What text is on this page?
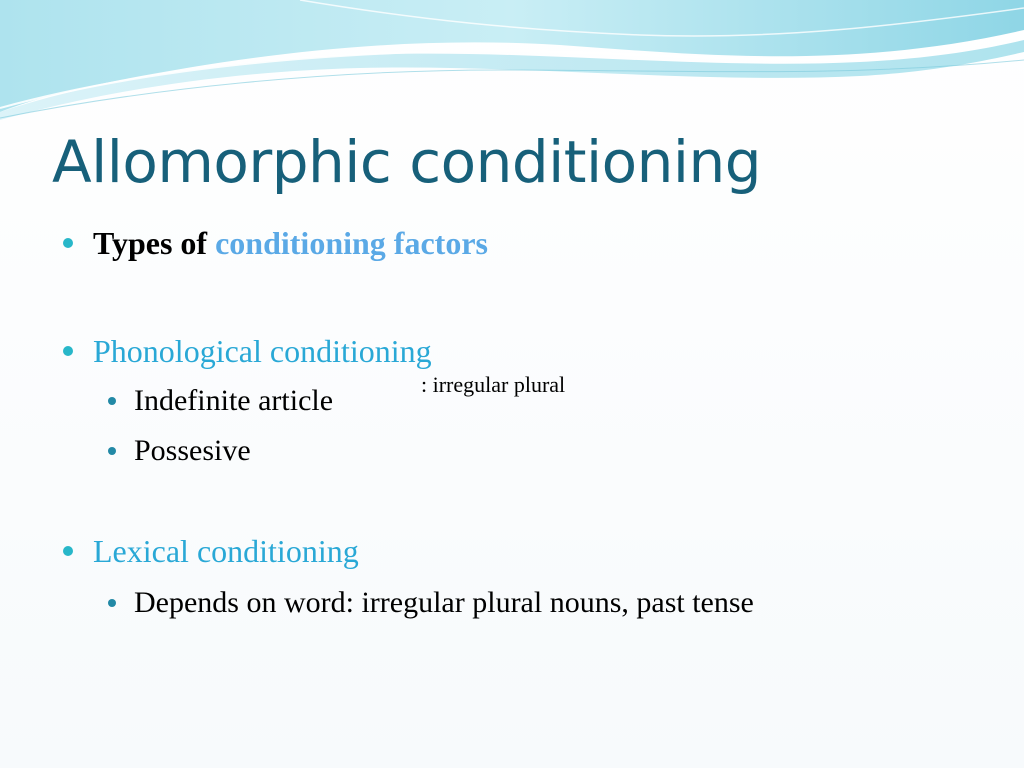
Allomorphic conditioning
Types of conditioning factors
Phonological conditioning
Indefinite article	: irregular plural
Possesive
Lexical conditioning
Depends on word: irregular plural nouns, past tense
